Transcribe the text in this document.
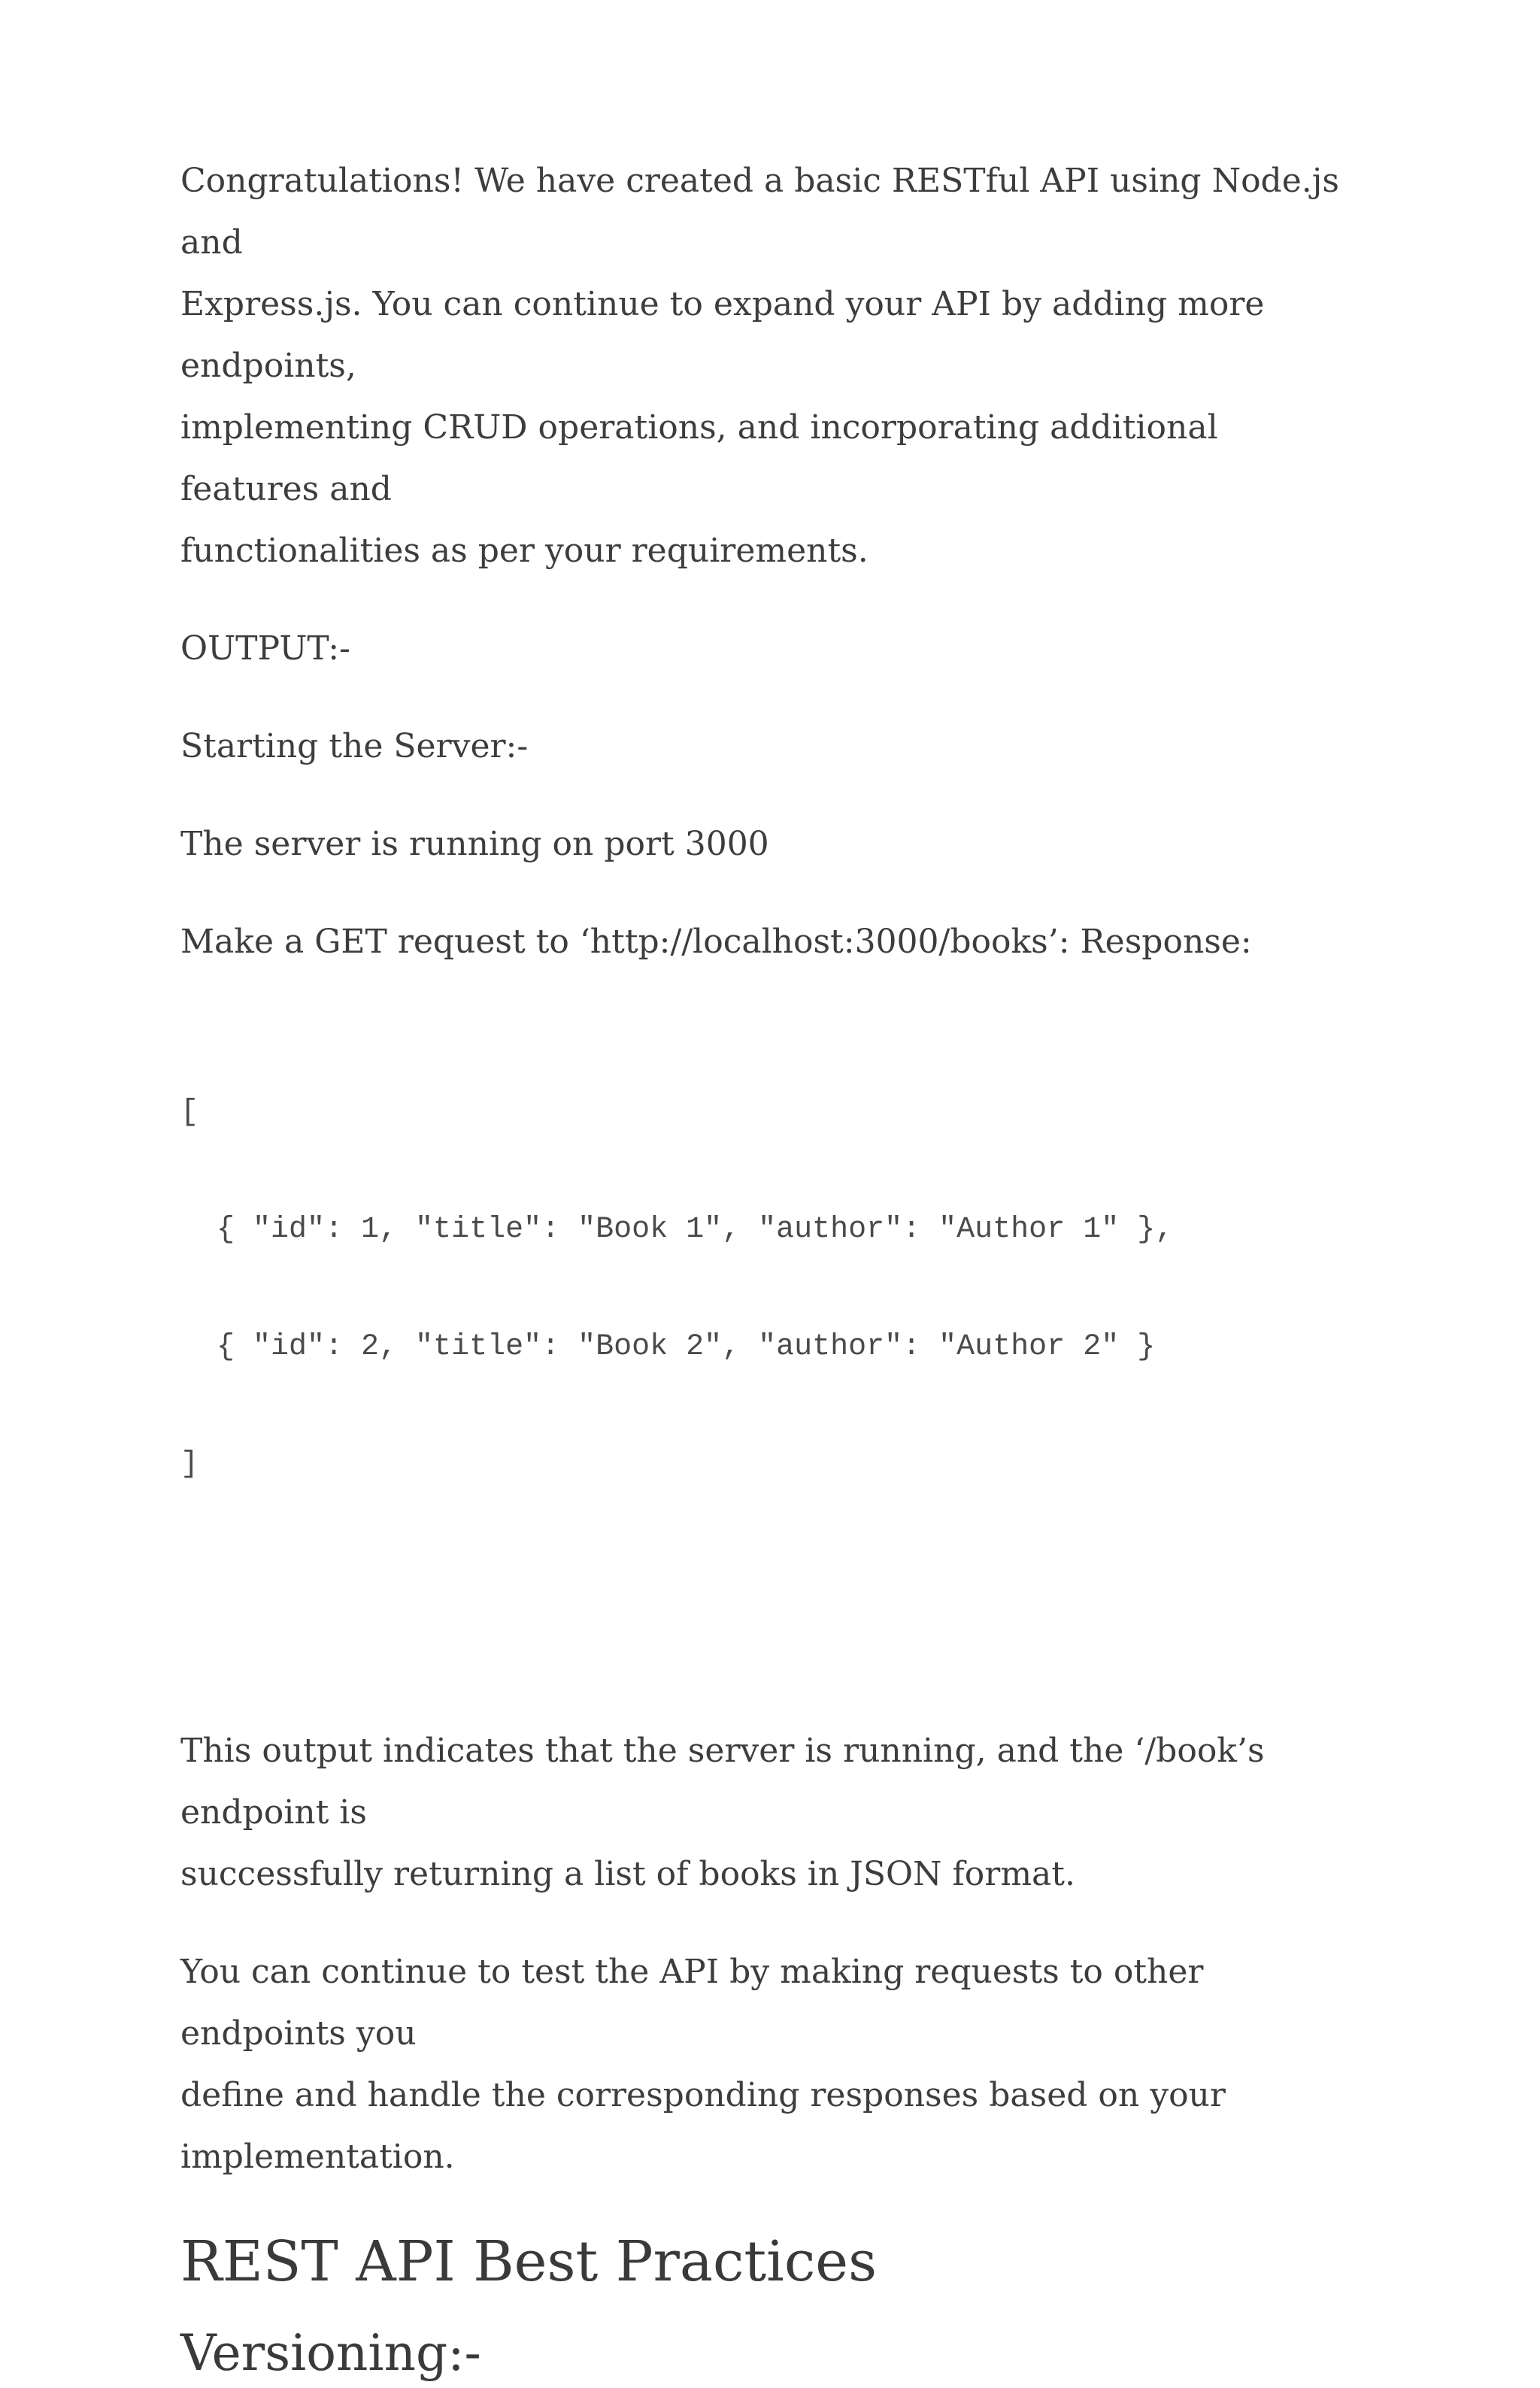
Congratulations! We have created a basic RESTful API using Node.js and
Express.js. You can continue to expand your API by adding more endpoints,
implementing CRUD operations, and incorporating additional features and
functionalities as per your requirements.

OUTPUT:-

Starting the Server:-

The server is running on port 3000

Make a GET request to ‘http://localhost:3000/books’: Response:

[

{ "id": 1, "title": "Book 1", "author": "Author 1" },

{ "id": 2, "title": "Book 2", "author": "Author 2" }

]

This output indicates that the server is running, and the ‘/book’s endpoint is
successfully returning a list of books in JSON format.

You can continue to test the API by making requests to other endpoints you
define and handle the corresponding responses based on your
implementation.

REST API Best Practices
Versioning:-
